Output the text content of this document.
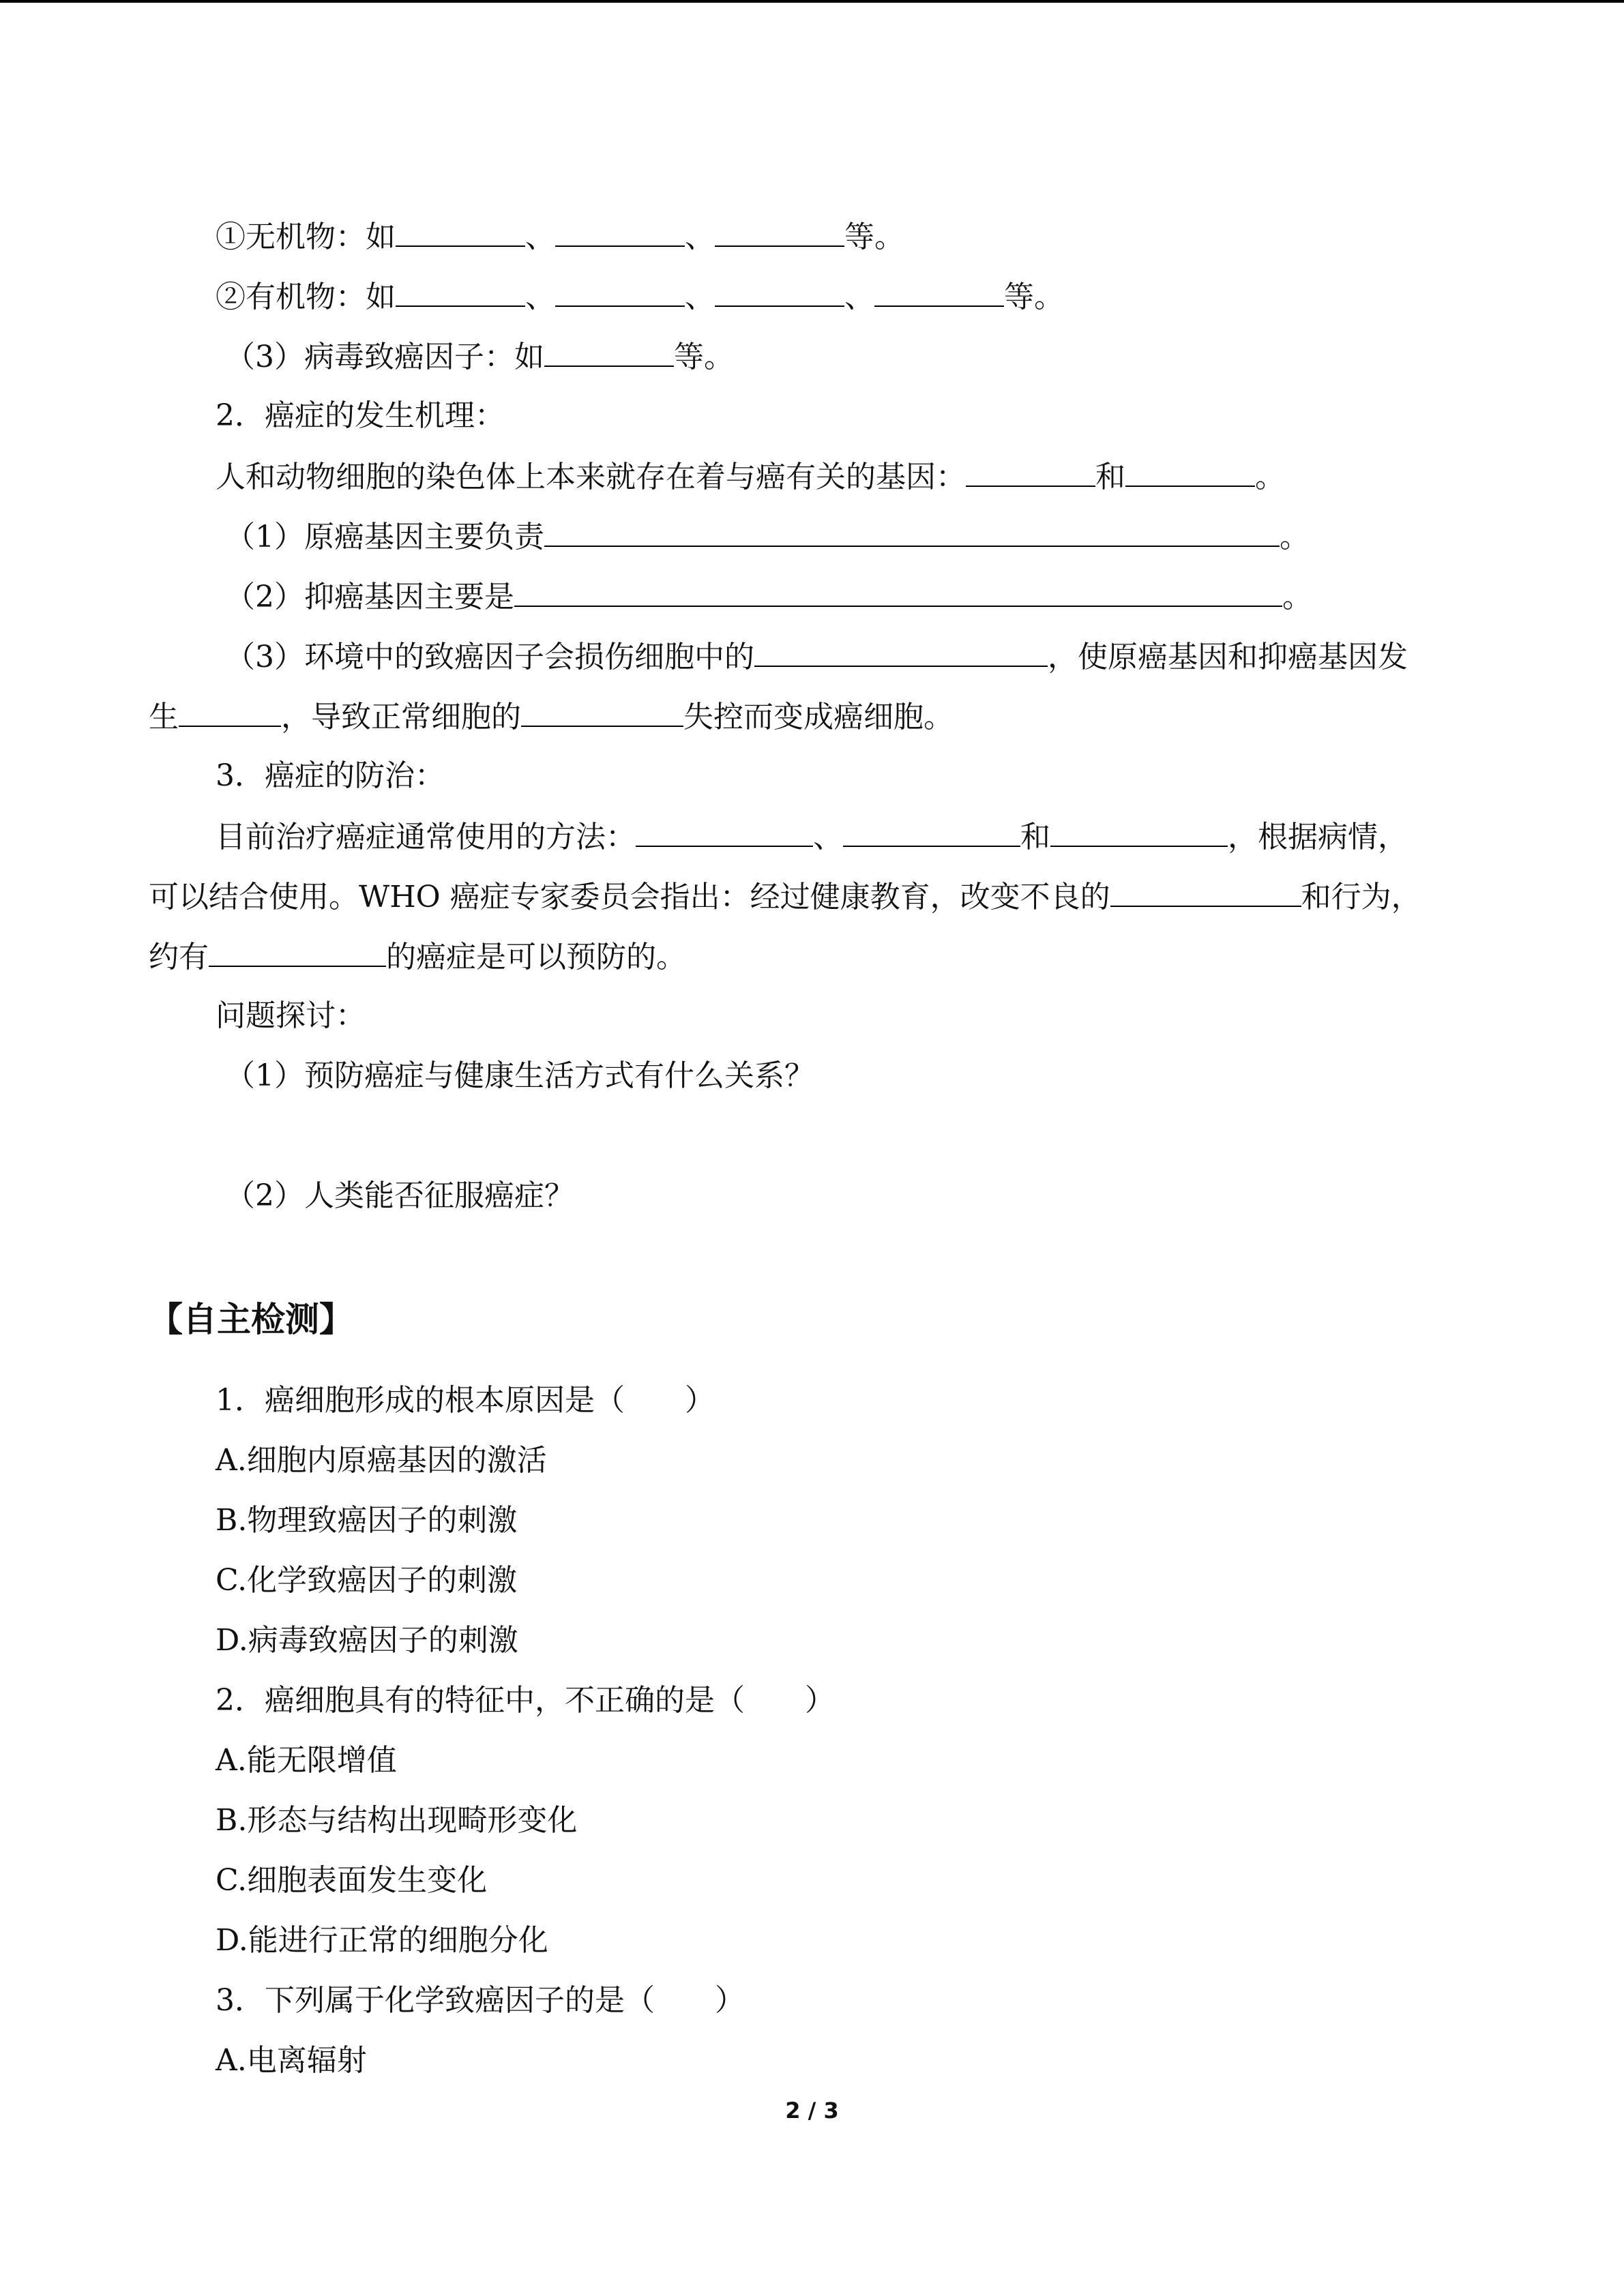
①无机物：如	、	、	等。
②有机物：如	、	、	、	等。
（3）病毒致癌因子：如	等。
2．癌症的发生机理：
人和动物细胞的染色体上本来就存在着与癌有关的基因：	和	。
（1）原癌基因主要负责	。
（2）抑癌基因主要是	。
（3）环境中的致癌因子会损伤细胞中的	，使原癌基因和抑癌基因发
生	，导致正常细胞的	失控而变成癌细胞。
3．癌症的防治：
目前治疗癌症通常使用的方法：	、	和	，根据病情，
可以结合使用。WHO 癌症专家委员会指出：经过健康教育，改变不良的	和行为，
约有	的癌症是可以预防的。
问题探讨：
（1）预防癌症与健康生活方式有什么关系？
（2）人类能否征服癌症？
【自主检测】
1．癌细胞形成的根本原因是（　　）
A.细胞内原癌基因的激活
B.物理致癌因子的刺激
C.化学致癌因子的刺激
D.病毒致癌因子的刺激
2．癌细胞具有的特征中，不正确的是（　　）
A.能无限增值
B.形态与结构出现畸形变化
C.细胞表面发生变化
D.能进行正常的细胞分化
3．下列属于化学致癌因子的是（　　）
A.电离辐射
2 / 3
